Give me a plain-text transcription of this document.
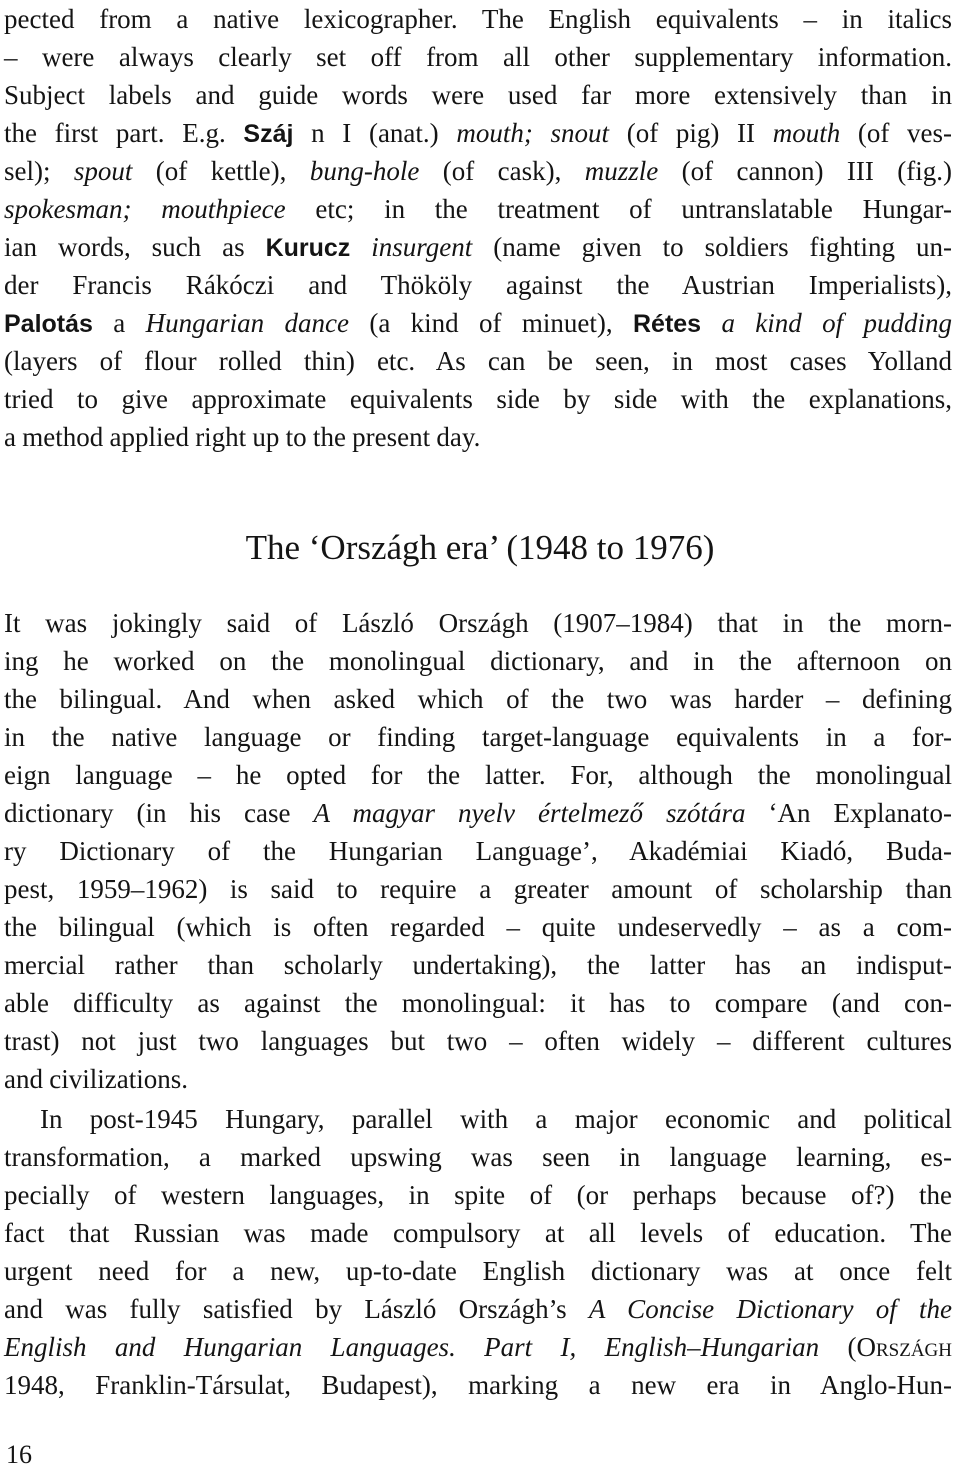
pected from a native lexicographer. The English equivalents – in italics
– were always clearly set off from all other supplementary information.
Subject labels and guide words were used far more extensively than in
the first part. E.g. Száj n I (anat.) mouth; snout (of pig) II mouth (of ves-
sel); spout (of kettle), bung-hole (of cask), muzzle (of cannon) III (fig.)
spokesman; mouthpiece etc; in the treatment of untranslatable Hungar-
ian words, such as Kurucz insurgent (name given to soldiers fighting un-
der Francis Rákóczi and Thököly against the Austrian Imperialists),
Palotás a Hungarian dance (a kind of minuet), Rétes a kind of pudding
(layers of flour rolled thin) etc. As can be seen, in most cases Yolland
tried to give approximate equivalents side by side with the explanations,
a method applied right up to the present day.
The ‘Országh era’ (1948 to 1976)
It was jokingly said of László Országh (1907–1984) that in the morn-
ing he worked on the monolingual dictionary, and in the afternoon on
the bilingual. And when asked which of the two was harder – defining
in the native language or finding target-language equivalents in a for-
eign language – he opted for the latter. For, although the monolingual
dictionary (in his case A magyar nyelv értelmező szótára ‘An Explanato-
ry Dictionary of the Hungarian Language’, Akadémiai Kiadó, Buda-
pest, 1959–1962) is said to require a greater amount of scholarship than
the bilingual (which is often regarded – quite undeservedly – as a com-
mercial rather than scholarly undertaking), the latter has an indisput-
able difficulty as against the monolingual: it has to compare (and con-
trast) not just two languages but two – often widely – different cultures
and civilizations.
In post-1945 Hungary, parallel with a major economic and political
transformation, a marked upswing was seen in language learning, es-
pecially of western languages, in spite of (or perhaps because of?) the
fact that Russian was made compulsory at all levels of education. The
urgent need for a new, up-to-date English dictionary was at once felt
and was fully satisfied by László Országh’s A Concise Dictionary of the
English and Hungarian Languages. Part I, English–Hungarian (Országh
1948, Franklin-Társulat, Budapest), marking a new era in Anglo-Hun-
16
